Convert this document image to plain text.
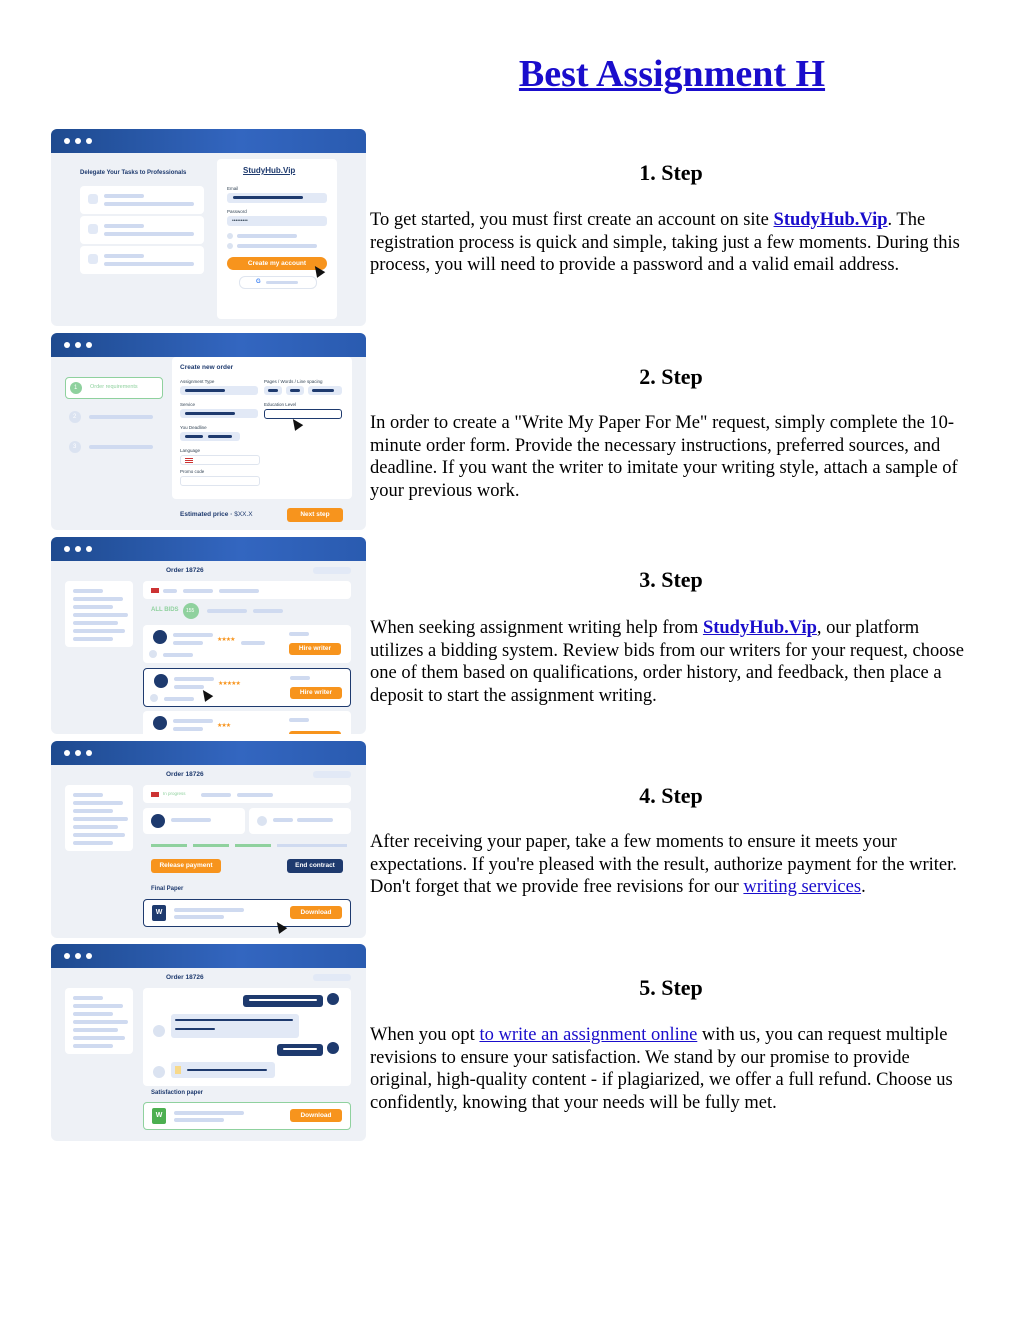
Best Assignment H
Delegate Your Tasks to Professionals	StudyHub.Vip
Email
Password
•••••••••
Create my account
G
1 Order requirements
2
3
Create new order
Assignment Type	Pages / Words / Line spacing
Service	Education Level
You Deadline
Language
Promo code
Estimated price · $XX.X	Next step
Order 18726
ALL BIDS 155
★★★★
Hire writer
★★★★★
Hire writer
★★★
Order 18726
In progress
Release payment	End contract
Final Paper
W	Download
Order 18726
Satisfaction paper
W	Download
1. Step

To get started, you must first create an account on site StudyHub.Vip. The registration process is quick and simple, taking just a few moments. During this process, you will need to provide a password and a valid email address.

2. Step

In order to create a "Write My Paper For Me" request, simply complete the 10-minute order form. Provide the necessary instructions, preferred sources, and deadline. If you want the writer to imitate your writing style, attach a sample of your previous work.

3. Step

When seeking assignment writing help from StudyHub.Vip, our platform utilizes a bidding system. Review bids from our writers for your request, choose one of them based on qualifications, order history, and feedback, then place a deposit to start the assignment writing.

4. Step

After receiving your paper, take a few moments to ensure it meets your expectations. If you're pleased with the result, authorize payment for the writer. Don't forget that we provide free revisions for our writing services.

5. Step

When you opt to write an assignment online with us, you can request multiple revisions to ensure your satisfaction. We stand by our promise to provide original, high-quality content - if plagiarized, we offer a full refund. Choose us confidently, knowing that your needs will be fully met.
